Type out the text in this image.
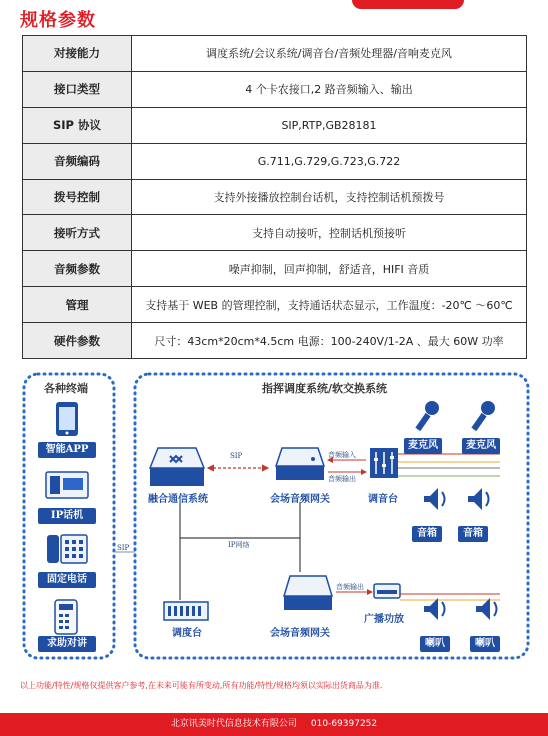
规格参数
对接能力	调度系统/会议系统/调音台/音频处理器/音响麦克风
接口类型	4 个卡农接口,2 路音频输入、输出
SIP 协议	SIP,RTP,GB28181
音频编码	G.711,G.729,G.723,G.722
拨号控制	支持外接播放控制台话机，支持控制话机预拨号
接听方式	支持自动接听，控制话机预接听
音频参数	噪声抑制，回声抑制，舒适音，HIFI 音质
管理	支持基于 WEB 的管理控制，支持通话状态显示，工作温度：-20℃ ～60℃
硬件参数	尺寸：43cm*20cm*4.5cm 电源：100-240V/1-2A 、最大 60W 功率
各种终端	指挥调度系统/软交换系统
智能APP
IP话机
固定电话
求助对讲
SIP
SIP
IP网络
音频输入
音频输出
音频输出
融合通信系统	会场音频网关	调音台
麦克风	麦克风
音箱	音箱
调度台	会场音频网关
广播功放
喇叭	喇叭
以上功能/特性/规格仅提供客户参考,在未来可能有所变动,所有功能/特性/规格均须以实际出货商品为准.
北京讯美时代信息技术有限公司 010-69397252
